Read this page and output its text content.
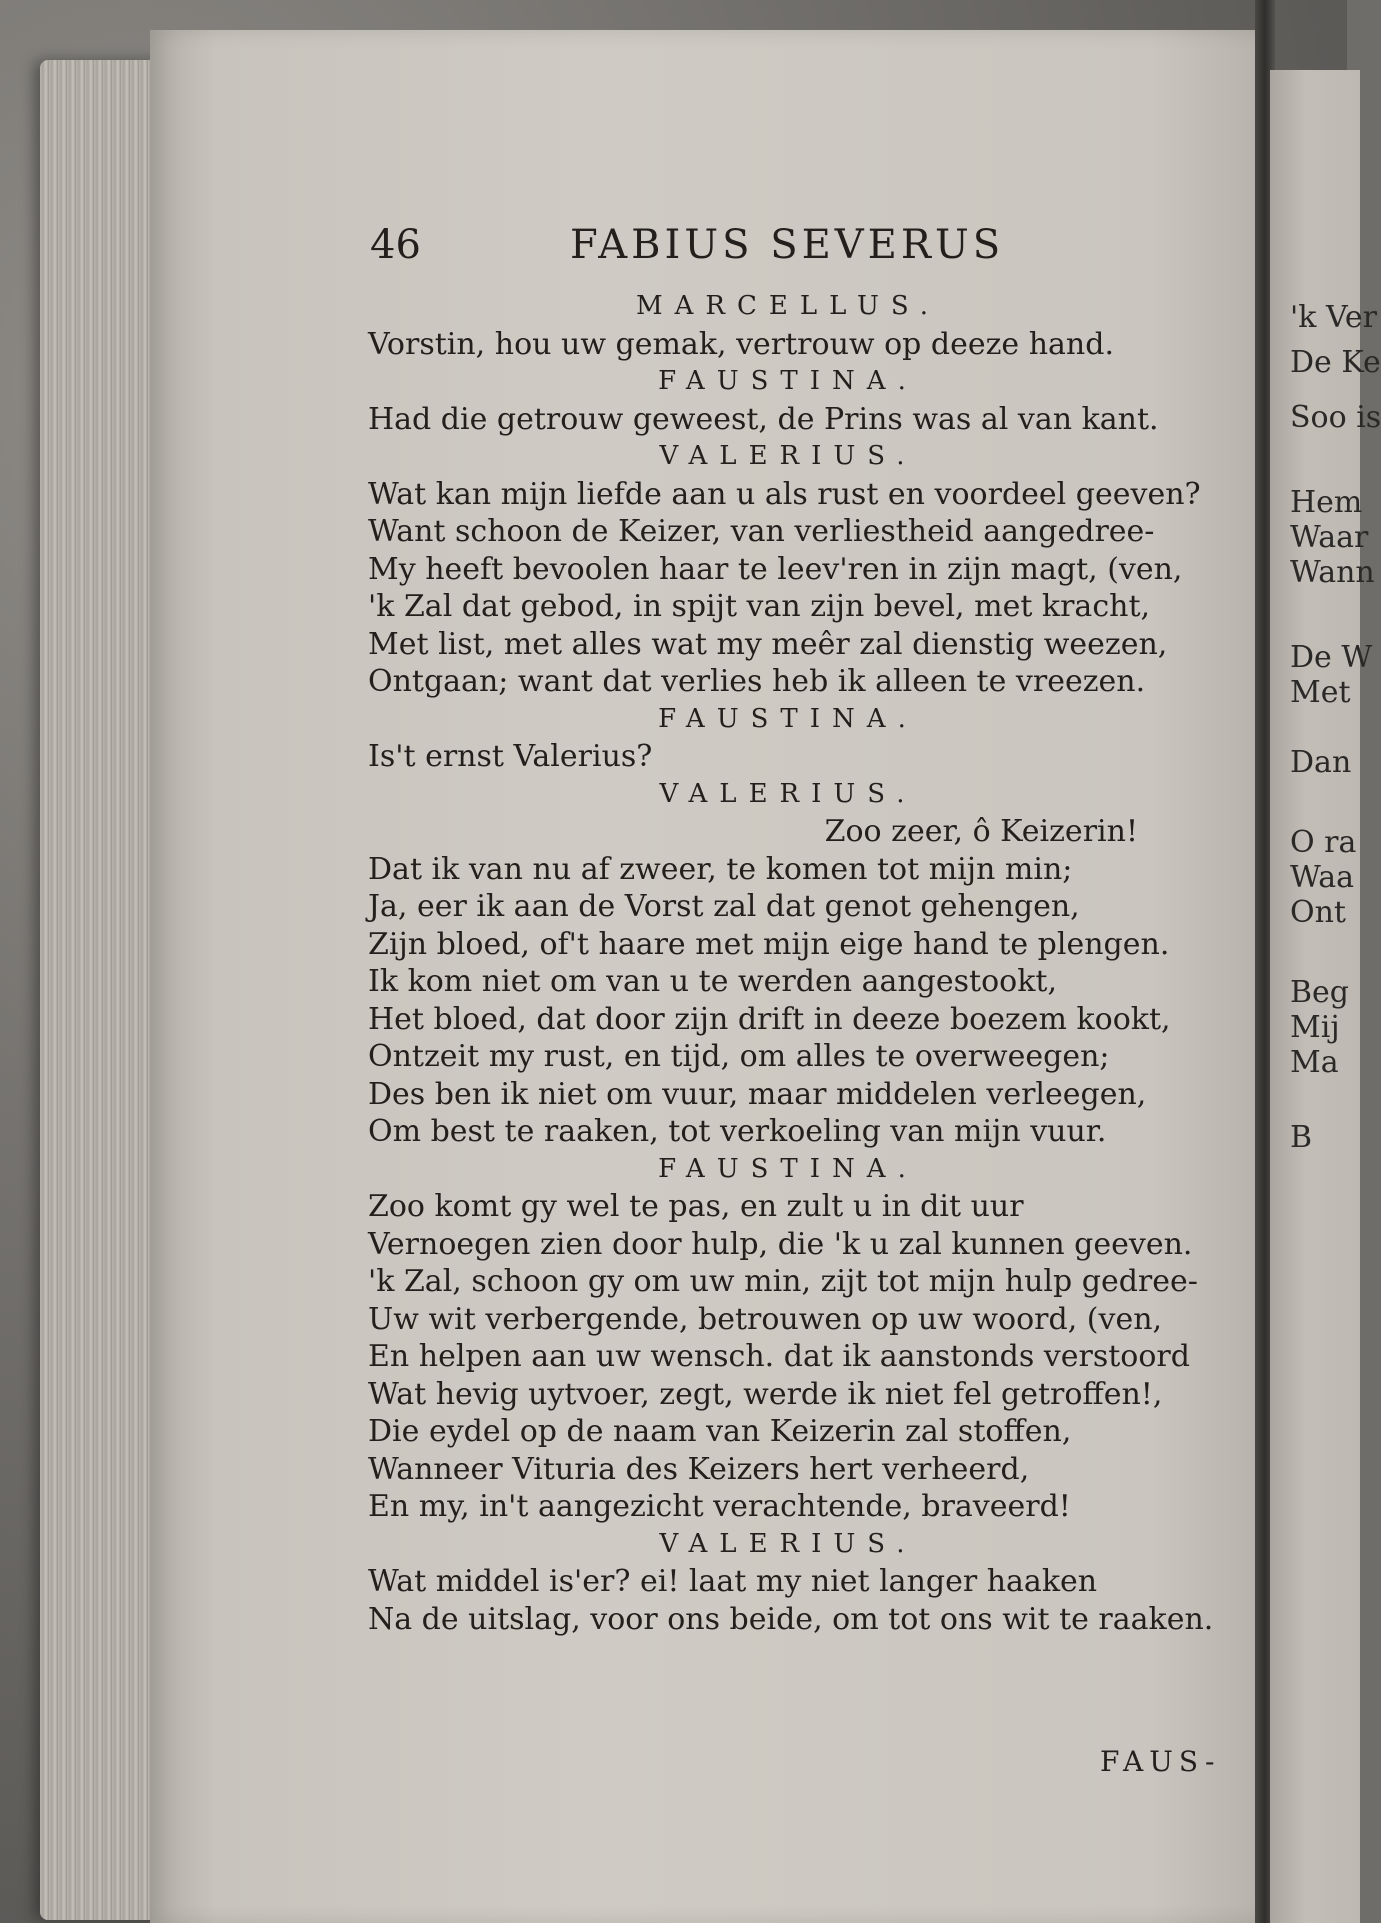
'k Ver
De Ke
Soo is
Hem
Waar
Wann
De W
Met
Dan
O ra
Waa
Ont
Beg
Mij
Ma
B
46	FABIUS SEVERUS
MARCELLUS.
Vorstin, hou uw gemak, vertrouw op deeze hand.
FAUSTINA.
Had die getrouw geweest, de Prins was al van kant.
VALERIUS.
Wat kan mijn liefde aan u als rust en voordeel geeven?
Want schoon de Keizer, van verliestheid aangedree-
My heeft bevoolen haar te leev'ren in zijn magt, (ven,
'k Zal dat gebod, in spijt van zijn bevel, met kracht,
Met list, met alles wat my meêr zal dienstig weezen,
Ontgaan; want dat verlies heb ik alleen te vreezen.
FAUSTINA.
Is't ernst Valerius?
VALERIUS.
Zoo zeer, ô Keizerin!
Dat ik van nu af zweer, te komen tot mijn min;
Ja, eer ik aan de Vorst zal dat genot gehengen,
Zijn bloed, of't haare met mijn eige hand te plengen.
Ik kom niet om van u te werden aangestookt,
Het bloed, dat door zijn drift in deeze boezem kookt,
Ontzeit my rust, en tijd, om alles te overweegen;
Des ben ik niet om vuur, maar middelen verleegen,
Om best te raaken, tot verkoeling van mijn vuur.
FAUSTINA.
Zoo komt gy wel te pas, en zult u in dit uur
Vernoegen zien door hulp, die 'k u zal kunnen geeven.
'k Zal, schoon gy om uw min, zijt tot mijn hulp gedree-
Uw wit verbergende, betrouwen op uw woord, (ven,
En helpen aan uw wensch. dat ik aanstonds verstoord
Wat hevig uytvoer, zegt, werde ik niet fel getroffen!,
Die eydel op de naam van Keizerin zal stoffen,
Wanneer Vituria des Keizers hert verheerd,
En my, in't aangezicht verachtende, braveerd!
VALERIUS.
Wat middel is'er? ei! laat my niet langer haaken
Na de uitslag, voor ons beide, om tot ons wit te raaken.
FAUS-
